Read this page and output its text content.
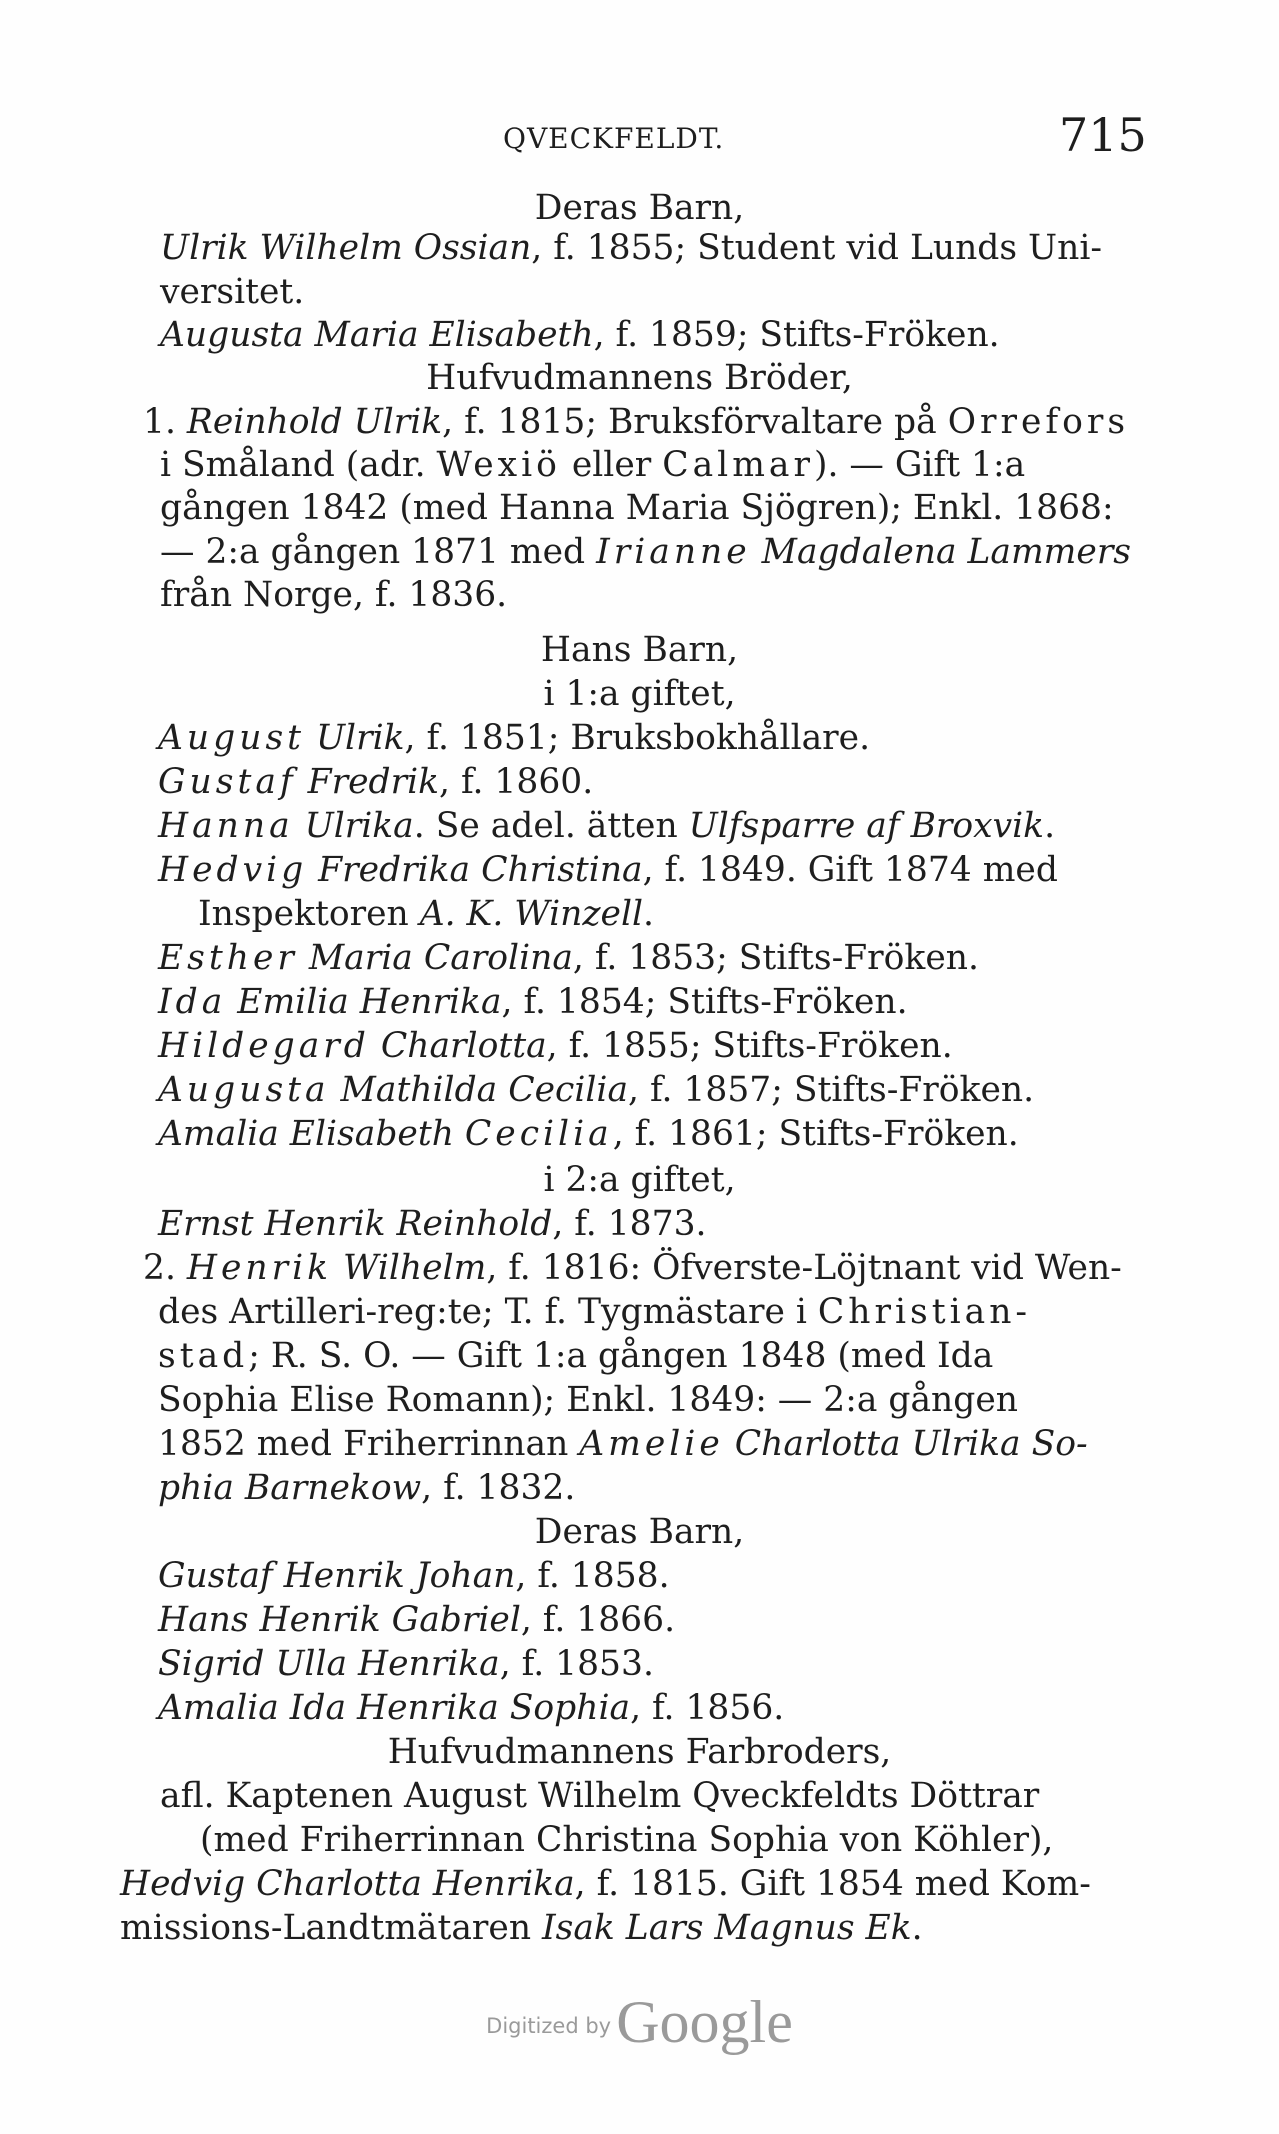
QVECKFELDT.	715
Deras Barn,
Ulrik Wilhelm Ossian, f. 1855; Student vid Lunds Uni-
versitet.
Augusta Maria Elisabeth, f. 1859; Stifts-Fröken.
Hufvudmannens Bröder,
1. Reinhold Ulrik, f. 1815; Bruksförvaltare på Orrefors
i Småland (adr. Wexiö eller Calmar). — Gift 1:a
gången 1842 (med Hanna Maria Sjögren); Enkl. 1868:
— 2:a gången 1871 med Irianne Magdalena Lammers
från Norge, f. 1836.
Hans Barn,
i 1:a giftet,
August Ulrik, f. 1851; Bruksbokhållare.
Gustaf Fredrik, f. 1860.
Hanna Ulrika. Se adel. ätten Ulfsparre af Broxvik.
Hedvig Fredrika Christina, f. 1849. Gift 1874 med
Inspektoren A. K. Winzell.
Esther Maria Carolina, f. 1853; Stifts-Fröken.
Ida Emilia Henrika, f. 1854; Stifts-Fröken.
Hildegard Charlotta, f. 1855; Stifts-Fröken.
Augusta Mathilda Cecilia, f. 1857; Stifts-Fröken.
Amalia Elisabeth Cecilia, f. 1861; Stifts-Fröken.
i 2:a giftet,
Ernst Henrik Reinhold, f. 1873.
2. Henrik Wilhelm, f. 1816: Öfverste-Löjtnant vid Wen-
des Artilleri-reg:te; T. f. Tygmästare i Christian-
stad; R. S. O. — Gift 1:a gången 1848 (med Ida
Sophia Elise Romann); Enkl. 1849: — 2:a gången
1852 med Friherrinnan Amelie Charlotta Ulrika So-
phia Barnekow, f. 1832.
Deras Barn,
Gustaf Henrik Johan, f. 1858.
Hans Henrik Gabriel, f. 1866.
Sigrid Ulla Henrika, f. 1853.
Amalia Ida Henrika Sophia, f. 1856.
Hufvudmannens Farbroders,
afl. Kaptenen August Wilhelm Qveckfeldts Döttrar
(med Friherrinnan Christina Sophia von Köhler),
Hedvig Charlotta Henrika, f. 1815. Gift 1854 med Kom-
missions-Landtmätaren Isak Lars Magnus Ek.
Digitized by Google
